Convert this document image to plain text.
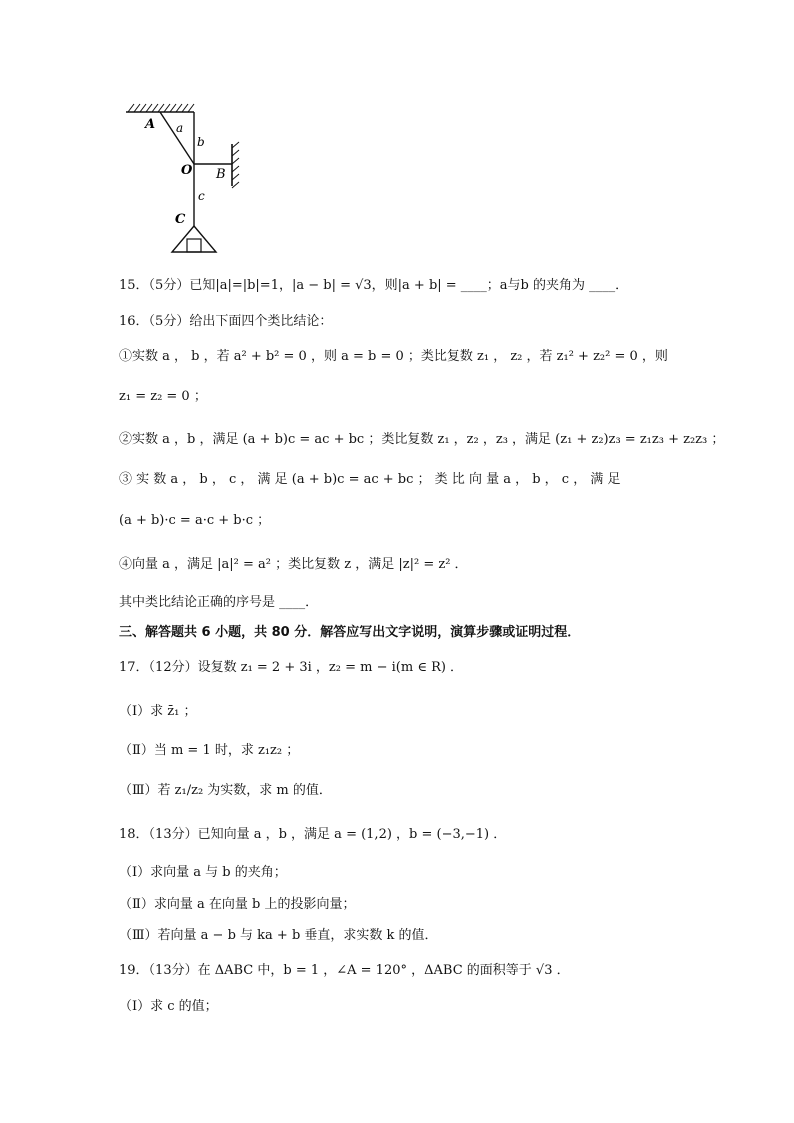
A a
b
O B
c
C
15．（5分）已知|a|=|b|=1，|a − b| = √3，则|a + b| = ____；a与b 的夹角为 ____．
16．（5分）给出下面四个类比结论：
①实数 a ， b ，若 a² + b² = 0 ，则 a = b = 0 ；类比复数 z₁ ， z₂ ，若 z₁² + z₂² = 0 ，则
z₁ = z₂ = 0 ；
②实数 a ，b ，满足 (a + b)c = ac + bc ；类比复数 z₁ ，z₂ ，z₃ ，满足 (z₁ + z₂)z₃ = z₁z₃ + z₂z₃ ；
③ 实 数 a ， b ， c ， 满 足 (a + b)c = ac + bc ； 类 比 向 量 a ， b ， c ， 满 足
(a + b)·c = a·c + b·c ；
④向量 a ，满足 |a|² = a² ；类比复数 z ，满足 |z|² = z² ．
其中类比结论正确的序号是 ____．
三、解答题共 6 小题，共 80 分．解答应写出文字说明，演算步骤或证明过程．
17．（12分）设复数 z₁ = 2 + 3i ，z₂ = m − i(m ∈ R) ．
（Ⅰ）求 z̄₁ ；
（Ⅱ）当 m = 1 时，求 z₁z₂ ；
（Ⅲ）若 z₁/z₂ 为实数，求 m 的值．
18．（13分）已知向量 a ，b ，满足 a = (1,2) ，b = (−3,−1) ．
（Ⅰ）求向量 a 与 b 的夹角；
（Ⅱ）求向量 a 在向量 b 上的投影向量；
（Ⅲ）若向量 a − b 与 ka + b 垂直，求实数 k 的值．
19．（13分）在 ΔABC 中，b = 1 ，∠A = 120° ，ΔABC 的面积等于 √3 ．
（Ⅰ）求 c 的值；
